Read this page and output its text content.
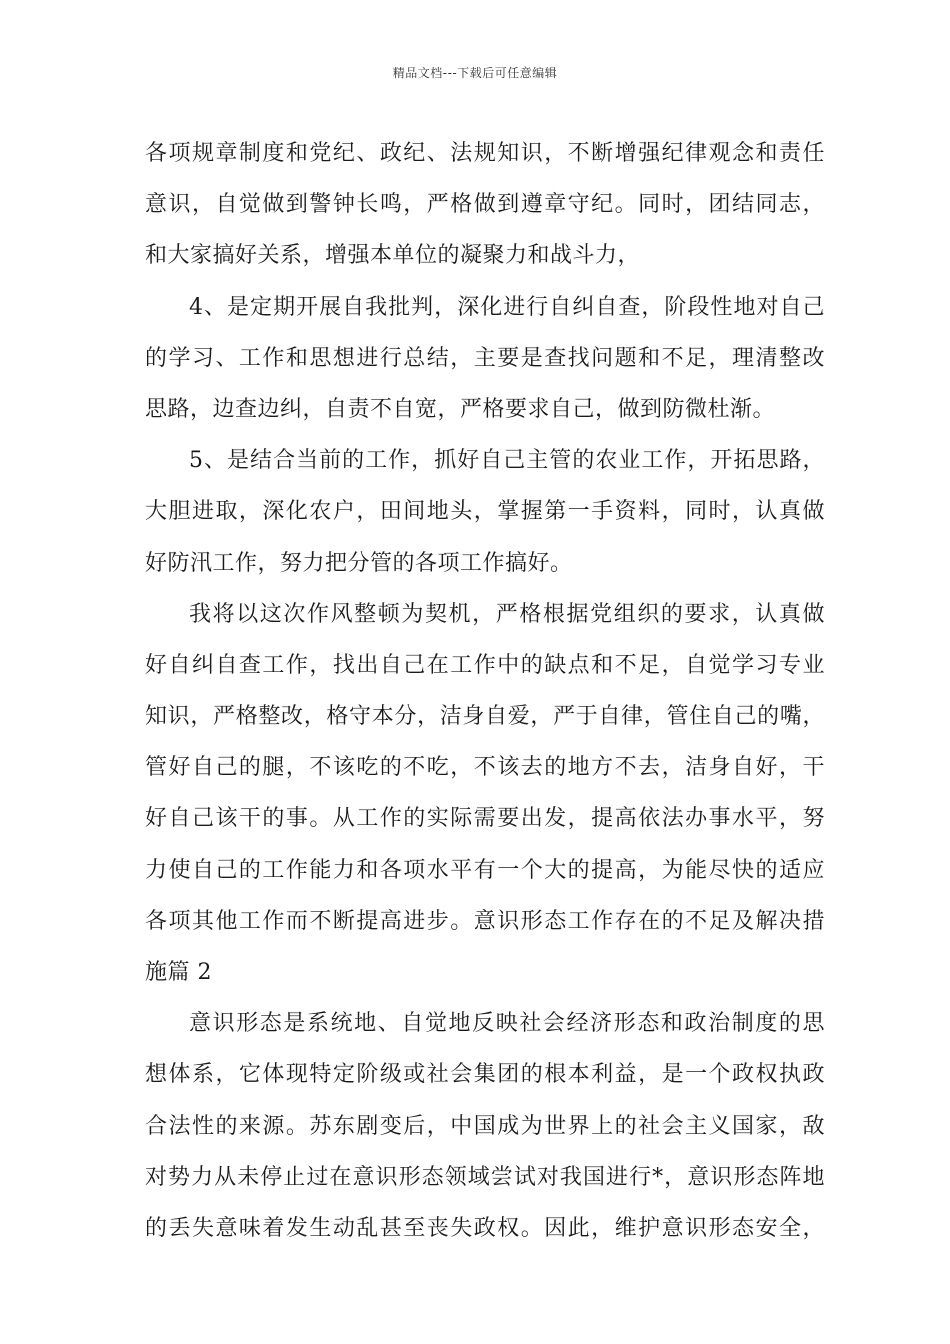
精品文档---下载后可任意编辑
各项规章制度和党纪、政纪、法规知识，不断增强纪律观念和责任
意识，自觉做到警钟长鸣，严格做到遵章守纪。同时，团结同志，
和大家搞好关系，增强本单位的凝聚力和战斗力，
4、是定期开展自我批判，深化进行自纠自查，阶段性地对自己
的学习、工作和思想进行总结，主要是查找问题和不足，理清整改
思路，边查边纠，自责不自宽，严格要求自己，做到防微杜渐。
5、是结合当前的工作，抓好自己主管的农业工作，开拓思路，
大胆进取，深化农户，田间地头，掌握第一手资料，同时，认真做
好防汛工作，努力把分管的各项工作搞好。
我将以这次作风整顿为契机，严格根据党组织的要求，认真做
好自纠自查工作，找出自己在工作中的缺点和不足，自觉学习专业
知识，严格整改，格守本分，洁身自爱，严于自律，管住自己的嘴，
管好自己的腿，不该吃的不吃，不该去的地方不去，洁身自好，干
好自己该干的事。从工作的实际需要出发，提高依法办事水平，努
力使自己的工作能力和各项水平有一个大的提高，为能尽快的适应
各项其他工作而不断提高进步。意识形态工作存在的不足及解决措
施篇 2
意识形态是系统地、自觉地反映社会经济形态和政治制度的思
想体系，它体现特定阶级或社会集团的根本利益，是一个政权执政
合法性的来源。苏东剧变后，中国成为世界上的社会主义国家，敌
对势力从未停止过在意识形态领域尝试对我国进行*，意识形态阵地
的丢失意味着发生动乱甚至丧失政权。因此，维护意识形态安全，
